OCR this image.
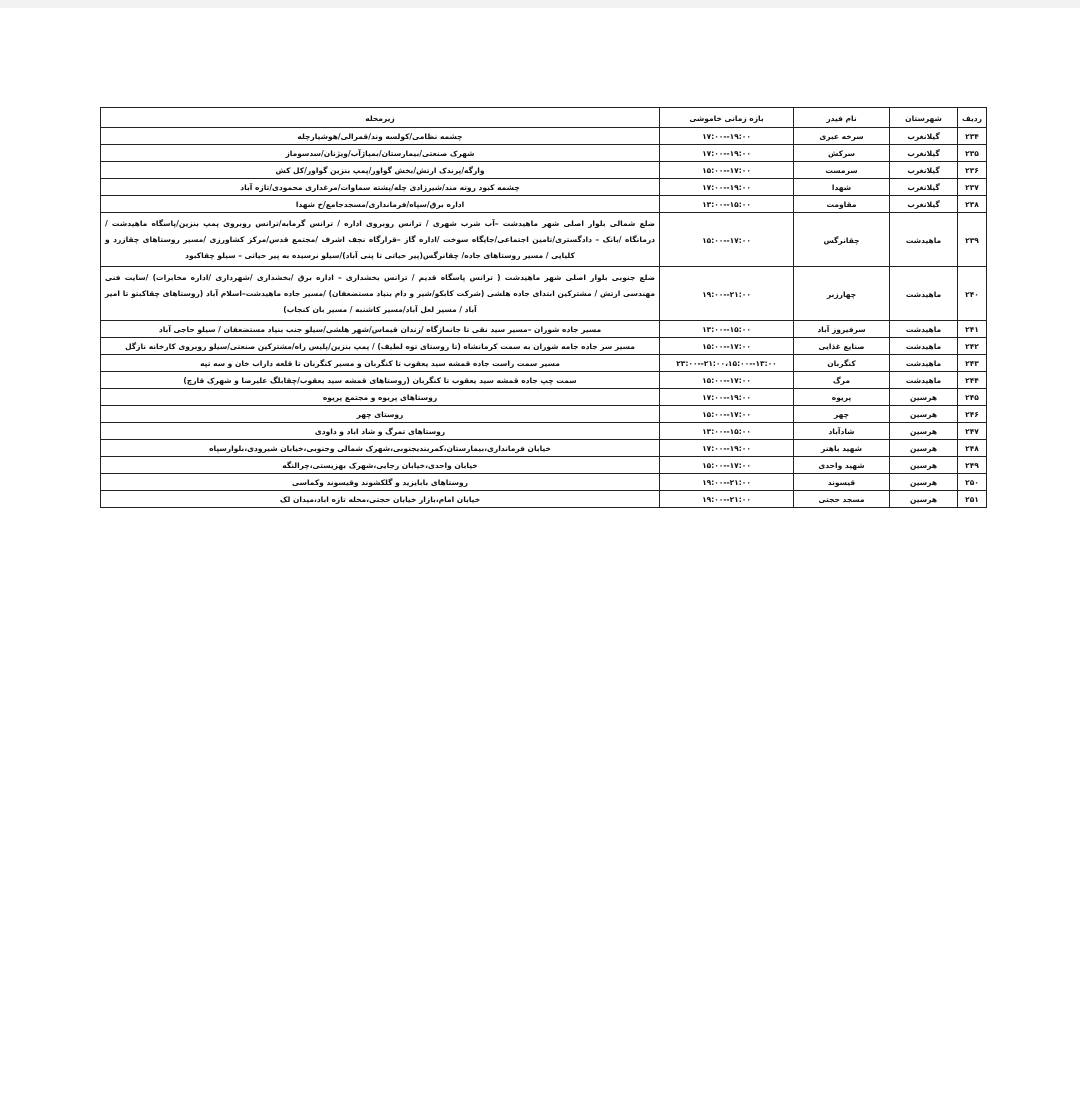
ردیف	شهرستان	نام فیدر	بازه زمانی خاموشی	زیرمحله
۲۳۴	گیلانغرب	سرخه عبری	۱۷:۰۰--۱۹:۰۰	چشمه نظامی/کولسه وند/قمرالی/هوشیارچله
۲۳۵	گیلانغرب	سرکش	۱۷:۰۰--۱۹:۰۰	شهرک صنعتی/بیمارستان/بمیاژآب/ویژنان/سدسوماز
۲۳۶	گیلانغرب	سرمست	۱۵:۰۰--۱۷:۰۰	وارگه/پرندک ارتش/بخش گواور/پمپ بنزین گواور/کل کش
۲۳۷	گیلانغرب	شهدا	۱۷:۰۰--۱۹:۰۰	چشمه کبود روته مند/شیرزادی چله/پشته سماوات/مرغداری محمودی/تازه آباد
۲۳۸	گیلانغرب	مقاومت	۱۳:۰۰--۱۵:۰۰	اداره برق/سپاه/فرمانداری/مسجدجامع/خ شهدا
۲۳۹	ماهیدشت	چقانرگس	۱۵:۰۰--۱۷:۰۰	ضلع شمالی بلوار اصلی شهر ماهیدشت –آب شرب شهری / ترانس روبروی اداره / ترانس گرمابه/ترانس روبروی پمپ بنزین/پاسگاه ماهیدشت / درمانگاه /بانک – دادگستری/تامین اجتماعی/جایگاه سوخت /اداره گاز –قرارگاه نجف اشرف /مجتمع قدس/مرکز کشاورزی /مسیر روستاهای چقازرد و کلیایی / مسیر روستاهای جاده/ چقانرگس(پیر حیاتی تا پنی آباد)/سیلو نرسیده به پیر حیاتی – سیلو چقاکبود
۲۴۰	ماهیدشت	چهارزبر	۱۹:۰۰--۲۱:۰۰	ضلع جنوبی بلوار اصلی شهر ماهیدشت ( ترانس پاسگاه قدیم / ترانس بخشداری – اداره برق /بخشداری /شهرداری /اداره مخابرات) /سایت فنی مهندسی ارتش / مشترکین ابتدای جاده هلشی (شرکت کابکو/شیر و دام بنیاد مستضعفان) /مسیر جاده ماهیدشت–اسلام آباد (روستاهای چقاکبتو تا امیر آباد / مسیر لعل آباد/مسیر کاشنبه / مسیر بان کنجاب)
۲۴۱	ماهیدشت	سرفیروز آباد	۱۳:۰۰--۱۵:۰۰	مسیر جاده شوران –مسیر سید نقی تا جانمازگاه /زندان قیماس/شهر هلشی/سیلو جنب بنیاد مستضعفان / سیلو حاجی آباد
۲۴۲	ماهیدشت	صنایع غذایی	۱۵:۰۰--۱۷:۰۰	مسیر سر جاده جامه شوران به سمت کرمانشاه (تا روستای توه لطیف) / پمپ بنزین/پلیس راه/مشترکین صنعتی/سیلو روبروی کارخانه نازگل
۲۴۳	ماهیدشت	کنگربان	۲۳:۰۰--۲۱:۰۰،۱۵:۰۰--۱۳:۰۰	مسیر سمت راست جاده قمشه سید یعقوب تا کنگربان و مسیر کنگربان تا قلعه داراب خان و سه تپه
۲۴۴	ماهیدشت	مرگ	۱۵:۰۰--۱۷:۰۰	سمت چپ جاده قمشه سید یعقوب تا کنگربان (روستاهای قمشه سید یعقوب/چقابلگ علیرضا و شهرک قارچ)
۲۴۵	هرسین	پریوه	۱۷:۰۰--۱۹:۰۰	روستاهای پریوه و مجتمع پریوه
۲۴۶	هرسین	چهر	۱۵:۰۰--۱۷:۰۰	روستای چهر
۲۴۷	هرسین	شادآباد	۱۳:۰۰--۱۵:۰۰	روستاهای تمرگ و شاد اباد و داودی
۲۴۸	هرسین	شهید باهنر	۱۷:۰۰--۱۹:۰۰	خیابان فرمانداری،بیمارستان،کمربندیجنوبی،شهرک شمالی وجنوبی،خیابان شیرودی،بلوارسپاه
۲۴۹	هرسین	شهید واحدی	۱۵:۰۰--۱۷:۰۰	خیابان واحدی،خیابان رجایی،شهرک بهزیستی،چرالنگه
۲۵۰	هرسین	قیسوند	۱۹:۰۰--۲۱:۰۰	روستاهای بابایزید و گلکشوند وقیسوند وکماسی
۲۵۱	هرسین	مسجد حجتی	۱۹:۰۰--۲۱:۰۰	خیابان امام،بازار خیابان حجتی،محله تازه اباد،میدان لک
